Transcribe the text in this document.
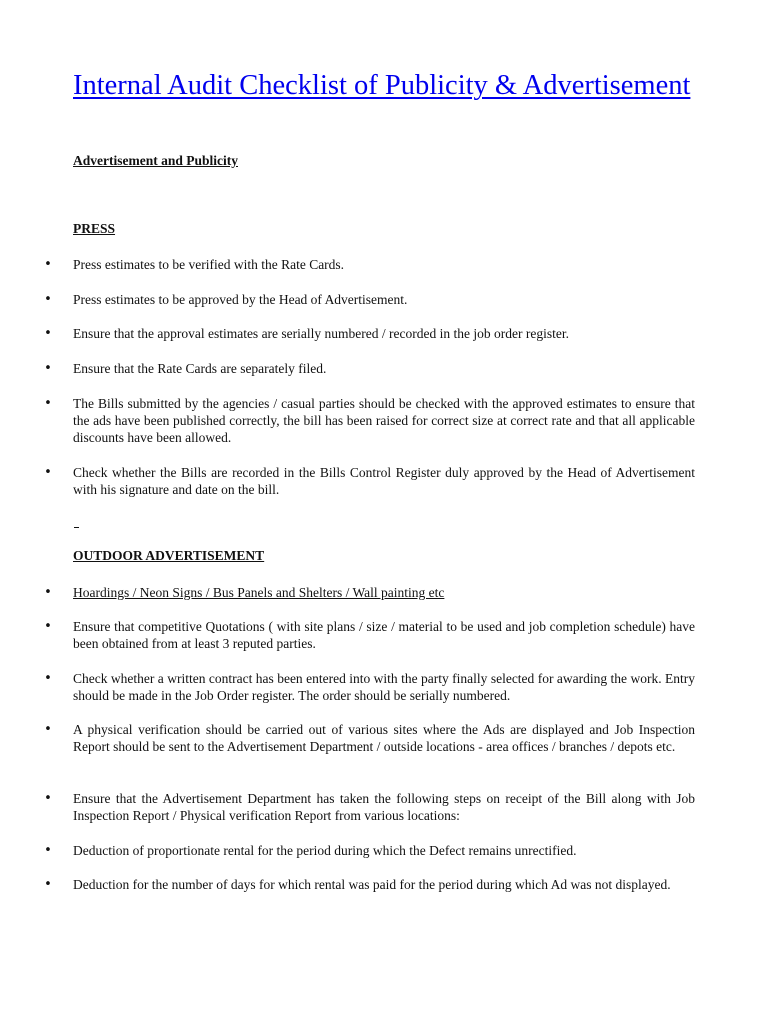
Internal Audit Checklist of Publicity & Advertisement
Advertisement and Publicity
PRESS
• Press estimates to be verified with the Rate Cards.
• Press estimates to be approved by the Head of Advertisement.
• Ensure that the approval estimates are serially numbered / recorded in the job order register.
• Ensure that the Rate Cards are separately filed.
• The Bills submitted by the agencies / casual parties should be checked with the approved estimates to ensure that the ads have been published correctly, the bill has been raised for correct size at correct rate and that all applicable discounts have been allowed.
• Check whether the Bills are recorded in the Bills Control Register duly approved by the Head of Advertisement with his signature and date on the bill.
OUTDOOR ADVERTISEMENT
• Hoardings / Neon Signs / Bus Panels and Shelters / Wall painting etc
• Ensure that competitive Quotations ( with site plans / size / material to be used and job completion schedule) have been obtained from at least 3 reputed parties.
• Check whether a written contract has been entered into with the party finally selected for awarding the work. Entry should be made in the Job Order register. The order should be serially numbered.
• A physical verification should be carried out of various sites where the Ads are displayed and Job Inspection Report should be sent to the Advertisement Department / outside locations - area offices / branches / depots etc.
• Ensure that the Advertisement Department has taken the following steps on receipt of the Bill along with Job Inspection Report / Physical verification Report from various locations:
• Deduction of proportionate rental for the period during which the Defect remains unrectified.
• Deduction for the number of days for which rental was paid for the period during which Ad was not displayed.
